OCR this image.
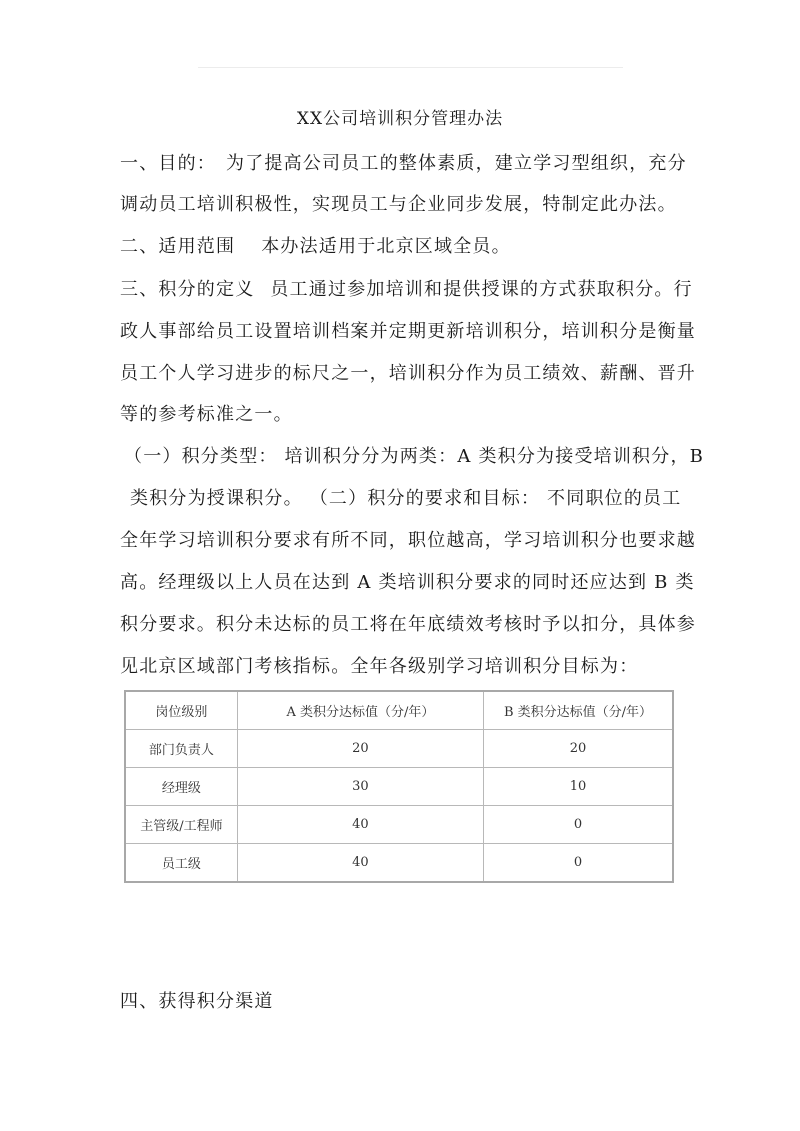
XX公司培训积分管理办法
一、目的： 为了提高公司员工的整体素质，建立学习型组织，充分
调动员工培训积极性，实现员工与企业同步发展，特制定此办法。
二、适用范围 本办法适用于北京区域全员。
三、积分的定义 员工通过参加培训和提供授课的方式获取积分。行
政人事部给员工设置培训档案并定期更新培训积分，培训积分是衡量
员工个人学习进步的标尺之一，培训积分作为员工绩效、薪酬、晋升
等的参考标准之一。
（一）积分类型： 培训积分分为两类：A 类积分为接受培训积分，B
类积分为授课积分。 （二）积分的要求和目标： 不同职位的员工
全年学习培训积分要求有所不同，职位越高，学习培训积分也要求越
高。经理级以上人员在达到 A 类培训积分要求的同时还应达到 B 类
积分要求。积分未达标的员工将在年底绩效考核时予以扣分，具体参
见北京区域部门考核指标。全年各级别学习培训积分目标为：
岗位级别	A 类积分达标值（分/年）	B 类积分达标值（分/年）
部门负责人	20	20
经理级	30	10
主管级/工程师	40	0
员工级	40	0
四、获得积分渠道
